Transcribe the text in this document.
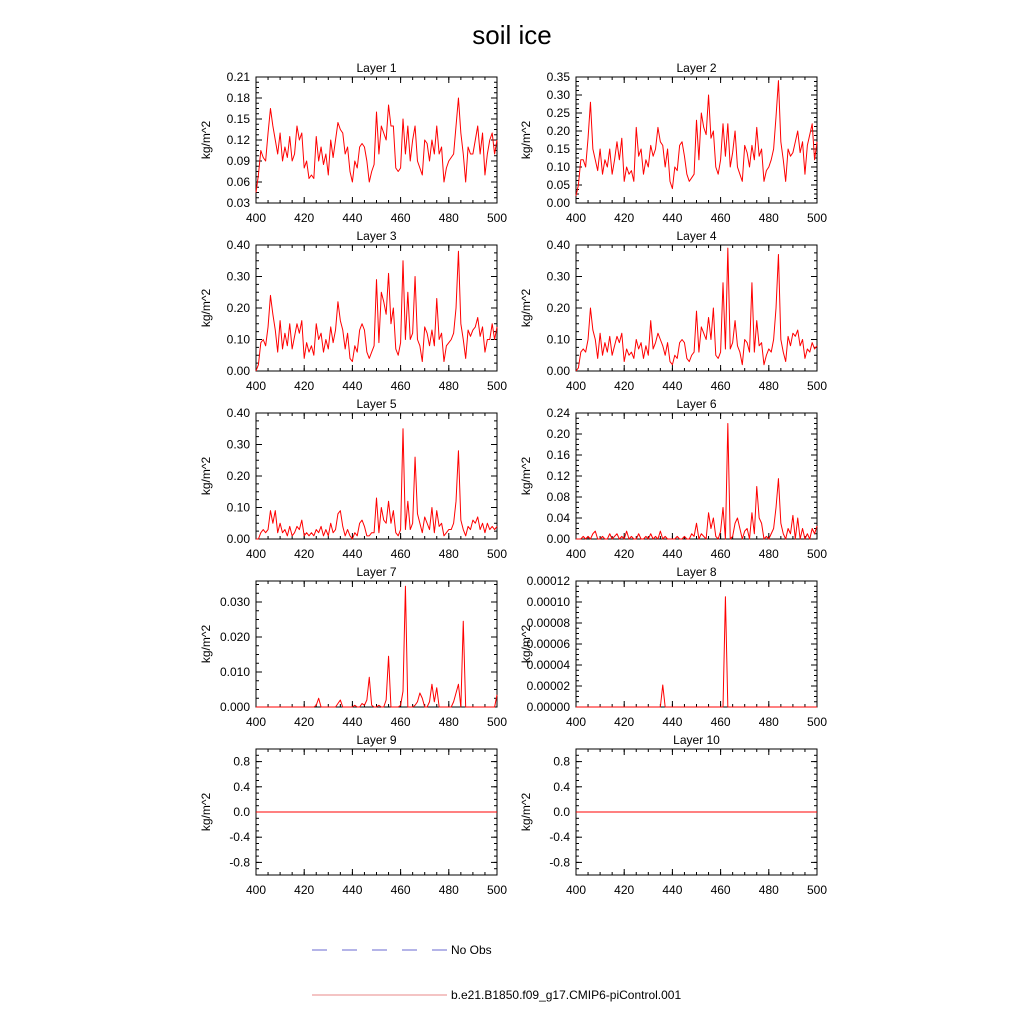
soil ice
Layer 1
kg/m^2
400 420 440 460 480 500
0.03
0.06
0.09
0.12
0.15
0.18
0.21
Layer 2
kg/m^2
400 420 440 460 480 500
0.00
0.05
0.10
0.15
0.20
0.25
0.30
0.35
Layer 3
kg/m^2
400 420 440 460 480 500
0.00
0.10
0.20
0.30
0.40
Layer 4
kg/m^2
400 420 440 460 480 500
0.00
0.10
0.20
0.30
0.40
Layer 5
kg/m^2
400 420 440 460 480 500
0.00
0.10
0.20
0.30
0.40
Layer 6
kg/m^2
400 420 440 460 480 500
0.00
0.04
0.08
0.12
0.16
0.20
0.24
Layer 7
kg/m^2
400 420 440 460 480 500
0.000
0.010
0.020
0.030
Layer 8
kg/m^2
400 420 440 460 480 500
0.00000
0.00002
0.00004
0.00006
0.00008
0.00010
0.00012
Layer 9
kg/m^2
400 420 440 460 480 500
-0.8
-0.4
0.0
0.4
0.8
Layer 10
kg/m^2
400 420 440 460 480 500
-0.8
-0.4
0.0
0.4
0.8
No Obs
b.e21.B1850.f09_g17.CMIP6-piControl.001
